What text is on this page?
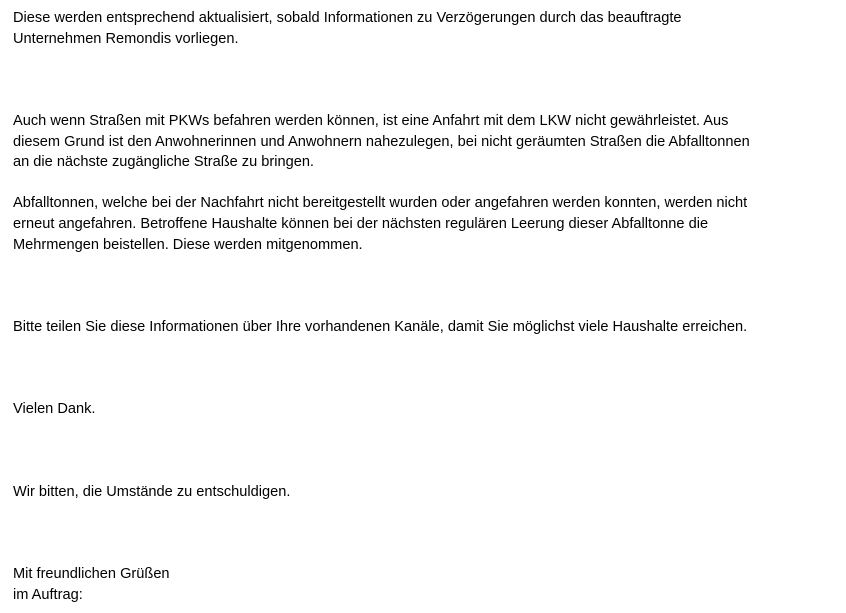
Diese werden entsprechend aktualisiert, sobald Informationen zu Verzögerungen durch das beauftragte
Unternehmen Remondis vorliegen.

Auch wenn Straßen mit PKWs befahren werden können, ist eine Anfahrt mit dem LKW nicht gewährleistet. Aus
diesem Grund ist den Anwohnerinnen und Anwohnern nahezulegen, bei nicht geräumten Straßen die Abfalltonnen
an die nächste zugängliche Straße zu bringen.

Abfalltonnen, welche bei der Nachfahrt nicht bereitgestellt wurden oder angefahren werden konnten, werden nicht
erneut angefahren. Betroffene Haushalte können bei der nächsten regulären Leerung dieser Abfalltonne die
Mehrmengen beistellen. Diese werden mitgenommen.

Bitte teilen Sie diese Informationen über Ihre vorhandenen Kanäle, damit Sie möglichst viele Haushalte erreichen.

Vielen Dank.

Wir bitten, die Umstände zu entschuldigen.

Mit freundlichen Grüßen
im Auftrag:
